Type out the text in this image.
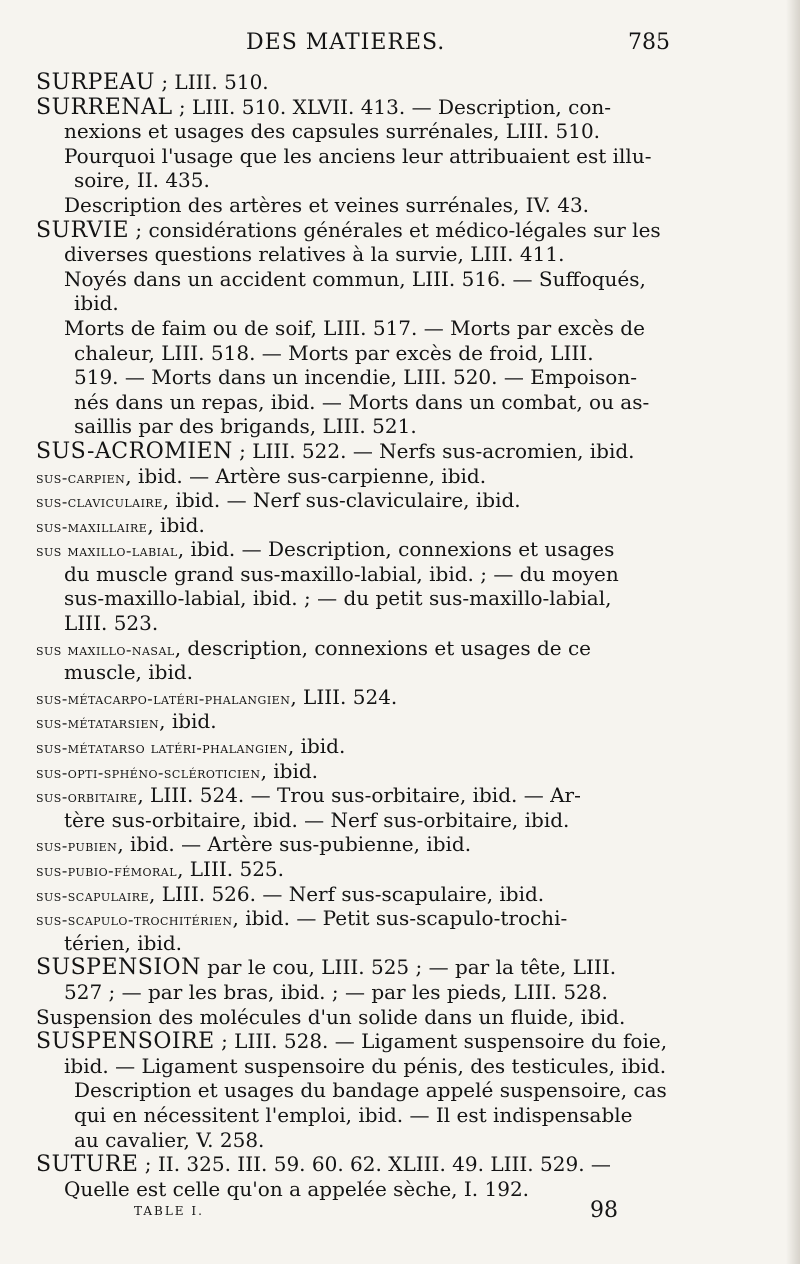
DES MATIERES.	785
SURPEAU ; LIII. 510.
SURRENAL ; LIII. 510. XLVII. 413. — Description, con-
nexions et usages des capsules surrénales, LIII. 510.
Pourquoi l'usage que les anciens leur attribuaient est illu-
soire, II. 435.
Description des artères et veines surrénales, IV. 43.
SURVIE ; considérations générales et médico-légales sur les
diverses questions relatives à la survie, LIII. 411.
Noyés dans un accident commun, LIII. 516. — Suffoqués,
ibid.
Morts de faim ou de soif, LIII. 517. — Morts par excès de
chaleur, LIII. 518. — Morts par excès de froid, LIII.
519. — Morts dans un incendie, LIII. 520. — Empoison-
nés dans un repas, ibid. — Morts dans un combat, ou as-
saillis par des brigands, LIII. 521.
SUS-ACROMIEN ; LIII. 522. — Nerfs sus-acromien, ibid.
sus-carpien, ibid. — Artère sus-carpienne, ibid.
sus-claviculaire, ibid. — Nerf sus-claviculaire, ibid.
sus-maxillaire, ibid.
sus maxillo-labial, ibid. — Description, connexions et usages
du muscle grand sus-maxillo-labial, ibid. ; — du moyen
sus-maxillo-labial, ibid. ; — du petit sus-maxillo-labial,
LIII. 523.
sus maxillo-nasal, description, connexions et usages de ce
muscle, ibid.
sus-métacarpo-latéri-phalangien, LIII. 524.
sus-métatarsien, ibid.
sus-métatarso latéri-phalangien, ibid.
sus-opti-sphéno-scléroticien, ibid.
sus-orbitaire, LIII. 524. — Trou sus-orbitaire, ibid. — Ar-
tère sus-orbitaire, ibid. — Nerf sus-orbitaire, ibid.
sus-pubien, ibid. — Artère sus-pubienne, ibid.
sus-pubio-fémoral, LIII. 525.
sus-scapulaire, LIII. 526. — Nerf sus-scapulaire, ibid.
sus-scapulo-trochitérien, ibid. — Petit sus-scapulo-trochi-
térien, ibid.
SUSPENSION par le cou, LIII. 525 ; — par la tête, LIII.
527 ; — par les bras, ibid. ; — par les pieds, LIII. 528.
Suspension des molécules d'un solide dans un fluide, ibid.
SUSPENSOIRE ; LIII. 528. — Ligament suspensoire du foie,
ibid. — Ligament suspensoire du pénis, des testicules, ibid.
Description et usages du bandage appelé suspensoire, cas
qui en nécessitent l'emploi, ibid. — Il est indispensable
au cavalier, V. 258.
SUTURE ; II. 325. III. 59. 60. 62. XLIII. 49. LIII. 529. —
Quelle est celle qu'on a appelée sèche, I. 192.
TABLE I.	98
